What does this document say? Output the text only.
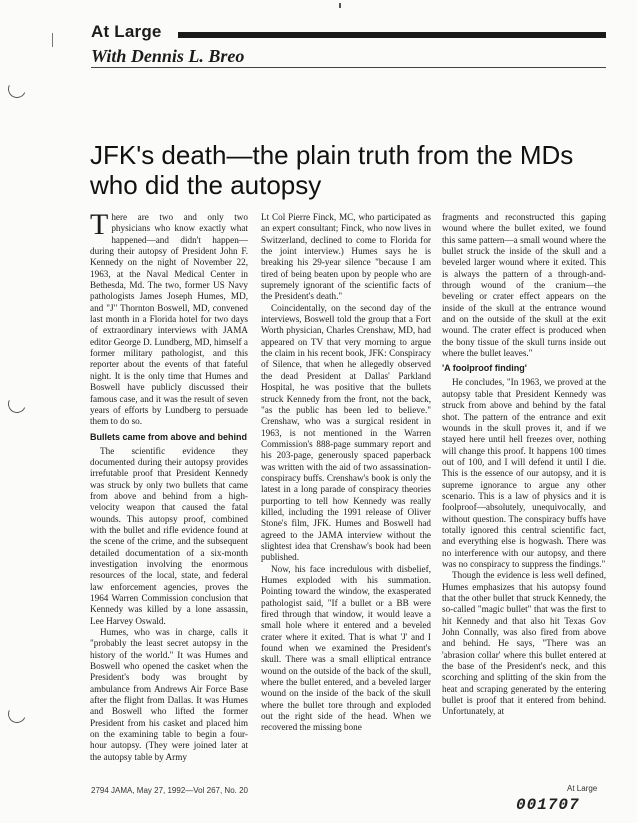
At Large
With Dennis L. Breo
JFK's death—the plain truth from the MDs who did the autopsy

There are two and only two physicians who know exactly what happened—and didn't happen—during their autopsy of President John F. Kennedy on the night of November 22, 1963, at the Naval Medical Center in Bethesda, Md. The two, former US Navy pathologists James Joseph Humes, MD, and "J" Thornton Boswell, MD, convened last month in a Florida hotel for two days of extraordinary interviews with JAMA editor George D. Lundberg, MD, himself a former military pathologist, and this reporter about the events of that fateful night. It is the only time that Humes and Boswell have publicly discussed their famous case, and it was the result of seven years of efforts by Lundberg to persuade them to do so.

Bullets came from above and behind

The scientific evidence they documented during their autopsy provides irrefutable proof that President Kennedy was struck by only two bullets that came from above and behind from a high-velocity weapon that caused the fatal wounds. This autopsy proof, combined with the bullet and rifle evidence found at the scene of the crime, and the subsequent detailed documentation of a six-month investigation involving the enormous resources of the local, state, and federal law enforcement agencies, proves the 1964 Warren Commission conclusion that Kennedy was killed by a lone assassin, Lee Harvey Oswald.

Humes, who was in charge, calls it "probably the least secret autopsy in the history of the world." It was Humes and Boswell who opened the casket when the President's body was brought by ambulance from Andrews Air Force Base after the flight from Dallas. It was Humes and Boswell who lifted the former President from his casket and placed him on the examining table to begin a four-hour autopsy. (They were joined later at the autopsy table by Army

Lt Col Pierre Finck, MC, who participated as an expert consultant; Finck, who now lives in Switzerland, declined to come to Florida for the joint interview.) Humes says he is breaking his 29-year silence "because I am tired of being beaten upon by people who are supremely ignorant of the scientific facts of the President's death."

Coincidentally, on the second day of the interviews, Boswell told the group that a Fort Worth physician, Charles Crenshaw, MD, had appeared on TV that very morning to argue the claim in his recent book, JFK: Conspiracy of Silence, that when he allegedly observed the dead President at Dallas' Parkland Hospital, he was positive that the bullets struck Kennedy from the front, not the back, "as the public has been led to believe." Crenshaw, who was a surgical resident in 1963, is not mentioned in the Warren Commission's 888-page summary report and his 203-page, generously spaced paperback was written with the aid of two assassination-conspiracy buffs. Crenshaw's book is only the latest in a long parade of conspiracy theories purporting to tell how Kennedy was really killed, including the 1991 release of Oliver Stone's film, JFK. Humes and Boswell had agreed to the JAMA interview without the slightest idea that Crenshaw's book had been published.

Now, his face incredulous with disbelief, Humes exploded with his summation. Pointing toward the window, the exasperated pathologist said, "If a bullet or a BB were fired through that window, it would leave a small hole where it entered and a beveled crater where it exited. That is what 'J' and I found when we examined the President's skull. There was a small elliptical entrance wound on the outside of the back of the skull, where the bullet entered, and a beveled larger wound on the inside of the back of the skull where the bullet tore through and exploded out the right side of the head. When we recovered the missing bone

fragments and reconstructed this gaping wound where the bullet exited, we found this same pattern—a small wound where the bullet struck the inside of the skull and a beveled larger wound where it exited. This is always the pattern of a through-and-through wound of the cranium—the beveling or crater effect appears on the inside of the skull at the entrance wound and on the outside of the skull at the exit wound. The crater effect is produced when the bony tissue of the skull turns inside out where the bullet leaves."

'A foolproof finding'

He concludes, "In 1963, we proved at the autopsy table that President Kennedy was struck from above and behind by the fatal shot. The pattern of the entrance and exit wounds in the skull proves it, and if we stayed here until hell freezes over, nothing will change this proof. It happens 100 times out of 100, and I will defend it until I die. This is the essence of our autopsy, and it is supreme ignorance to argue any other scenario. This is a law of physics and it is foolproof—absolutely, unequivocally, and without question. The conspiracy buffs have totally ignored this central scientific fact, and everything else is hogwash. There was no interference with our autopsy, and there was no conspiracy to suppress the findings."

Though the evidence is less well defined, Humes emphasizes that his autopsy found that the other bullet that struck Kennedy, the so-called "magic bullet" that was the first to hit Kennedy and that also hit Texas Gov John Connally, was also fired from above and behind. He says, "There was an 'abrasion collar' where this bullet entered at the base of the President's neck, and this scorching and splitting of the skin from the heat and scraping generated by the entering bullet is proof that it entered from behind. Unfortunately, at

2794 JAMA, May 27, 1992—Vol 267, No. 20	At Large
001707
